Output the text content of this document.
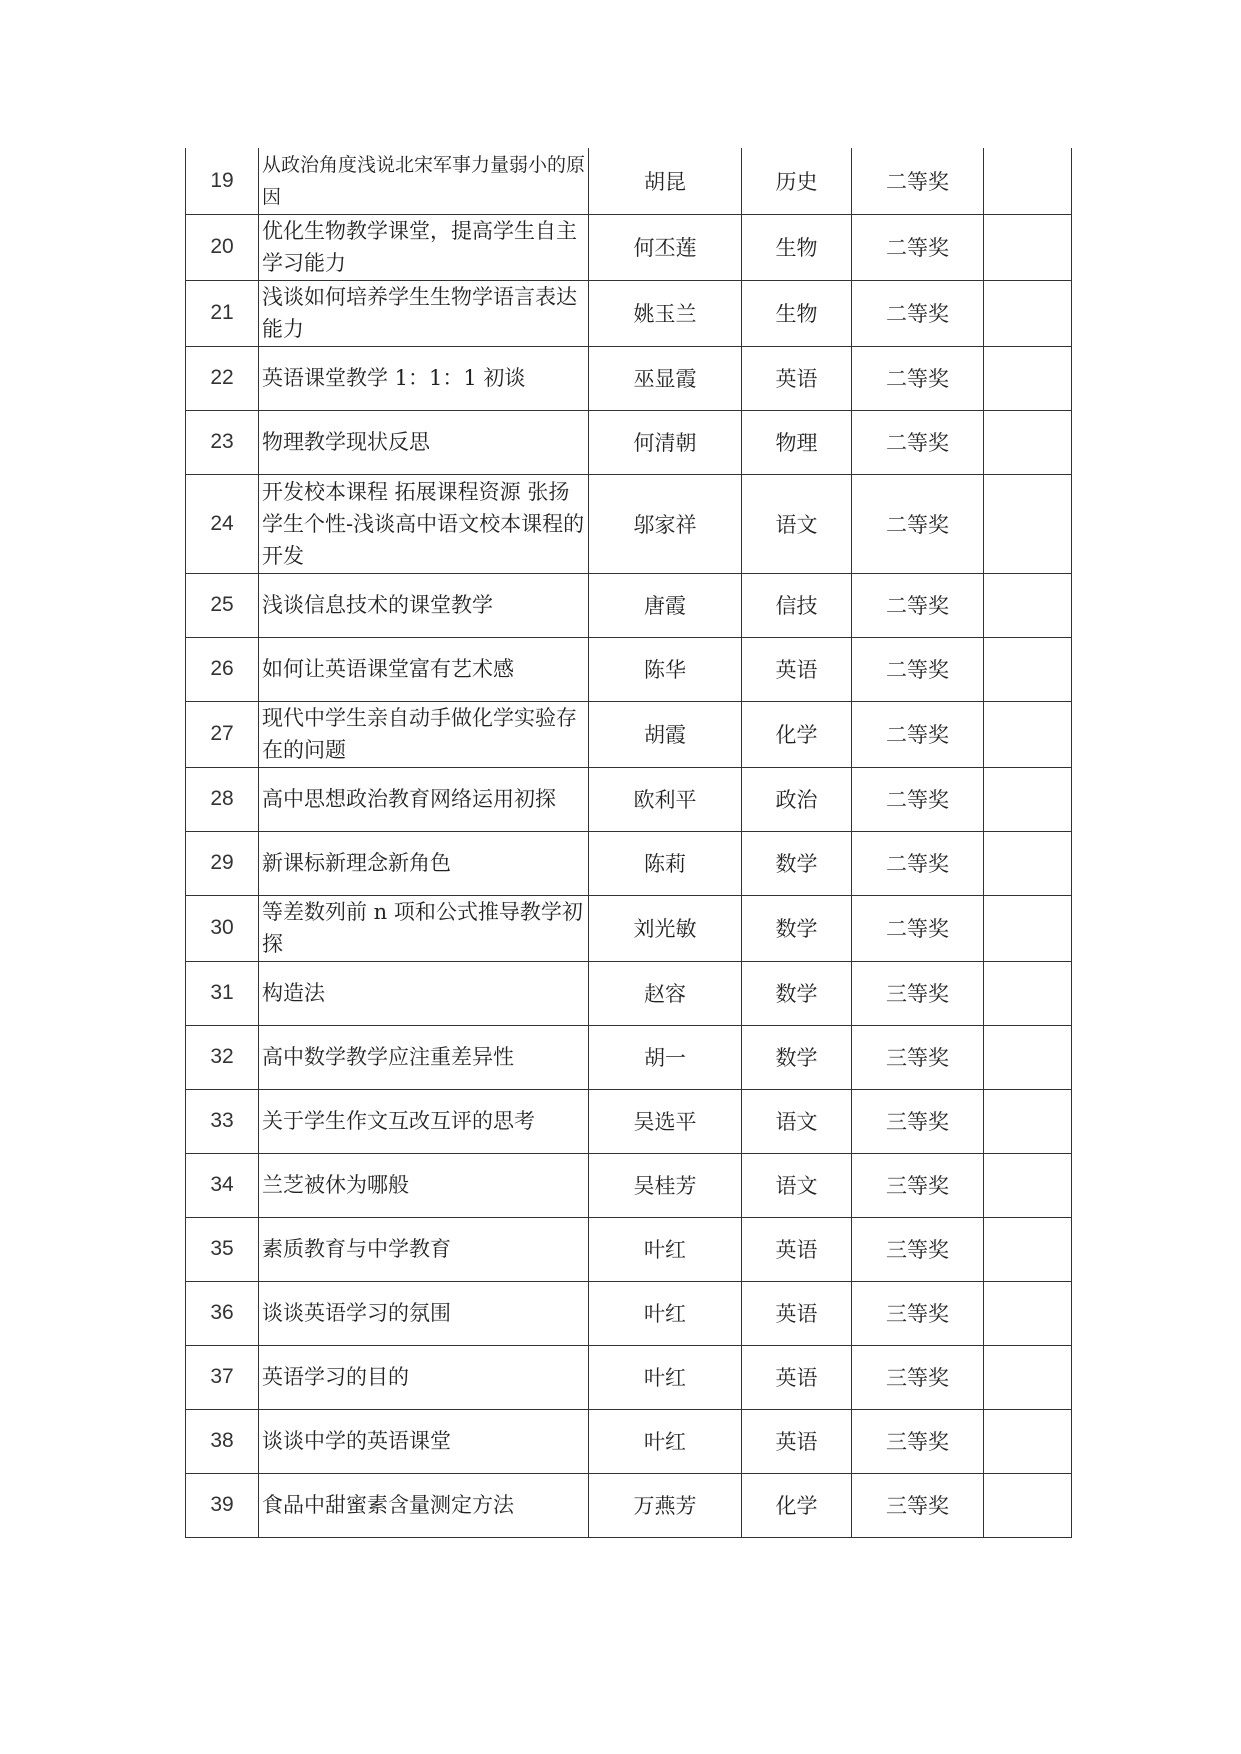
19	从政治角度浅说北宋军事力量弱小的原因	胡昆	历史	二等奖	
20	优化生物教学课堂，提高学生自主学习能力	何丕莲	生物	二等奖	
21	浅谈如何培养学生生物学语言表达能力	姚玉兰	生物	二等奖	
22	英语课堂教学 1：1：1 初谈	巫显霞	英语	二等奖	
23	物理教学现状反思	何清朝	物理	二等奖	
24	开发校本课程 拓展课程资源 张扬学生个性-浅谈高中语文校本课程的开发	邬家祥	语文	二等奖	
25	浅谈信息技术的课堂教学	唐霞	信技	二等奖	
26	如何让英语课堂富有艺术感	陈华	英语	二等奖	
27	现代中学生亲自动手做化学实验存在的问题	胡霞	化学	二等奖	
28	高中思想政治教育网络运用初探	欧利平	政治	二等奖	
29	新课标新理念新角色	陈莉	数学	二等奖	
30	等差数列前 n 项和公式推导教学初探	刘光敏	数学	二等奖	
31	构造法	赵容	数学	三等奖	
32	高中数学教学应注重差异性	胡一	数学	三等奖	
33	关于学生作文互改互评的思考	吴选平	语文	三等奖	
34	兰芝被休为哪般	吴桂芳	语文	三等奖	
35	素质教育与中学教育	叶红	英语	三等奖	
36	谈谈英语学习的氛围	叶红	英语	三等奖	
37	英语学习的目的	叶红	英语	三等奖	
38	谈谈中学的英语课堂	叶红	英语	三等奖	
39	食品中甜蜜素含量测定方法	万燕芳	化学	三等奖	
